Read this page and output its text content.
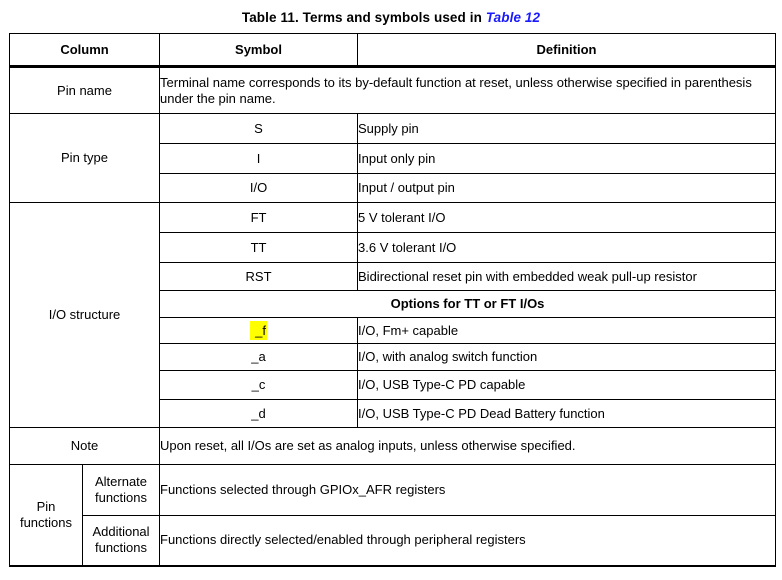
Table 11. Terms and symbols used in Table 12
Column		Symbol	Definition
Pin name		Terminal name corresponds to its by-default function at reset, unless otherwise specified in parenthesis under the pin name.	
Pin type		S	Supply pin
		I	Input only pin
		I/O	Input / output pin
I/O structure		FT	5 V tolerant I/O
		TT	3.6 V tolerant I/O
		RST	Bidirectional reset pin with embedded weak pull-up resistor
		Options for TT or FT I/Os	
		_f	I/O, Fm+ capable
		_a	I/O, with analog switch function
		_c	I/O, USB Type-C PD capable
		_d	I/O, USB Type-C PD Dead Battery function
Note		Upon reset, all I/Os are set as analog inputs, unless otherwise specified.	
Pin functions	Alternate functions	Functions selected through GPIOx_AFR registers	
	Additional functions	Functions directly selected/enabled through peripheral registers	
